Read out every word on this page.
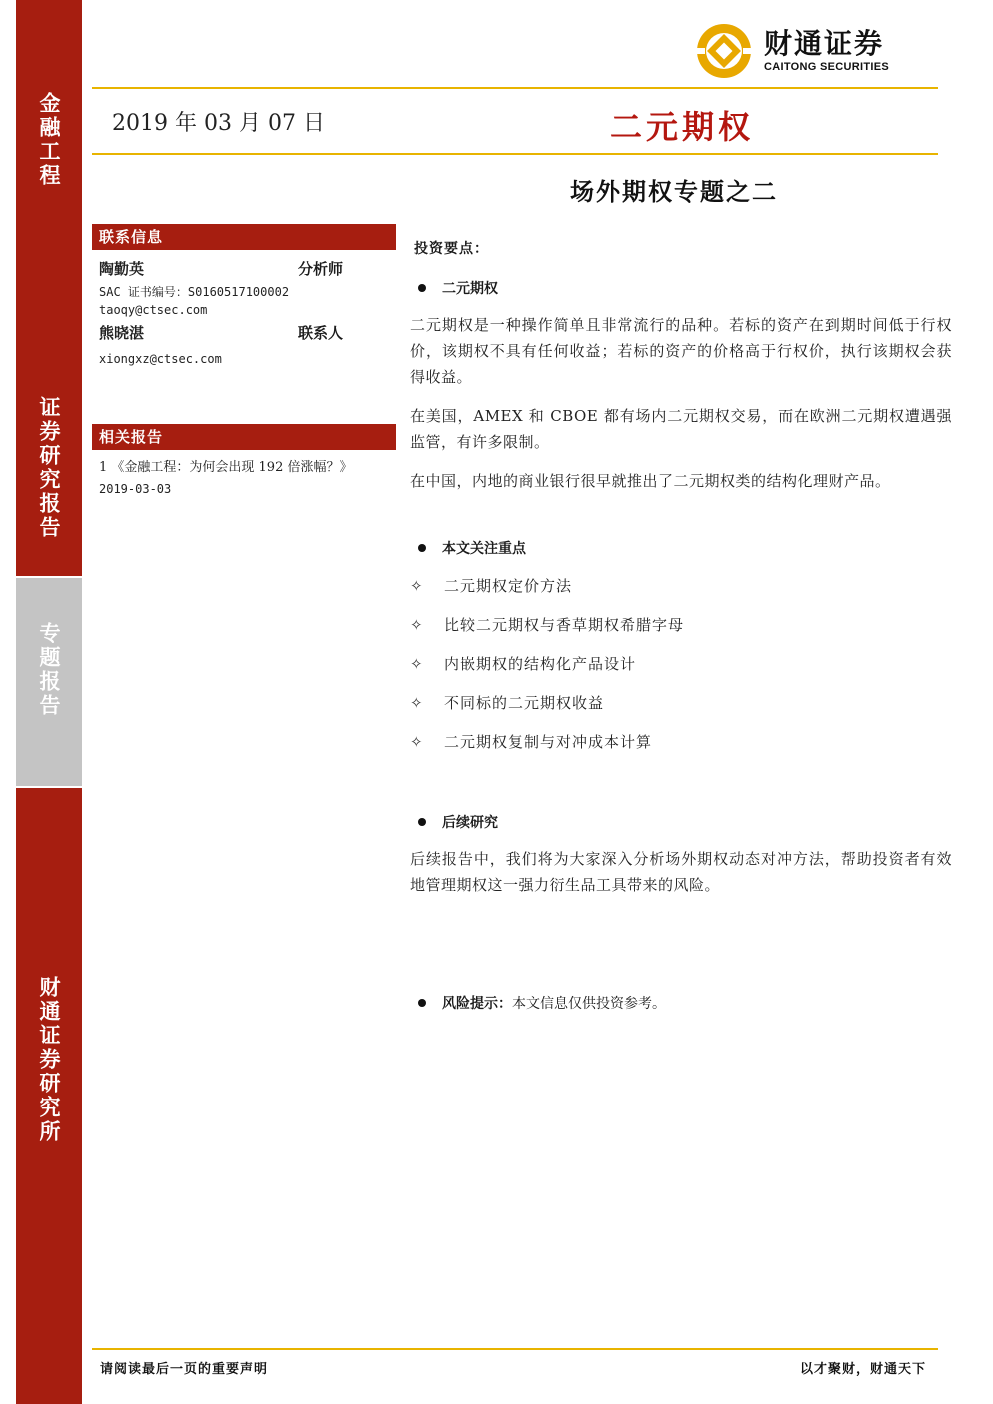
金融工程
证券研究报告
专题报告
财通证券研究所
财通证券
CAITONG SECURITIES
2019 年 03 月 07 日	二元期权
场外期权专题之二
联系信息
陶勤英	分析师
SAC 证书编号：S0160517100002
taoqy@ctsec.com
熊晓湛	联系人
xiongxz@ctsec.com
相关报告
1 《金融工程：为何会出现 192 倍涨幅？》
2019-03-03
投资要点：
二元期权
二元期权是一种操作简单且非常流行的品种。若标的资产在到期时间低于行权价，该期权不具有任何收益；若标的资产的价格高于行权价，执行该期权会获得收益。
在美国，AMEX 和 CBOE 都有场内二元期权交易，而在欧洲二元期权遭遇强监管，有许多限制。
在中国，内地的商业银行很早就推出了二元期权类的结构化理财产品。
本文关注重点
✧	二元期权定价方法
✧	比较二元期权与香草期权希腊字母
✧	内嵌期权的结构化产品设计
✧	不同标的二元期权收益
✧	二元期权复制与对冲成本计算
后续研究
后续报告中，我们将为大家深入分析场外期权动态对冲方法，帮助投资者有效地管理期权这一强力衍生品工具带来的风险。
风险提示： 本文信息仅供投资参考。
请阅读最后一页的重要声明	以才聚财，财通天下
